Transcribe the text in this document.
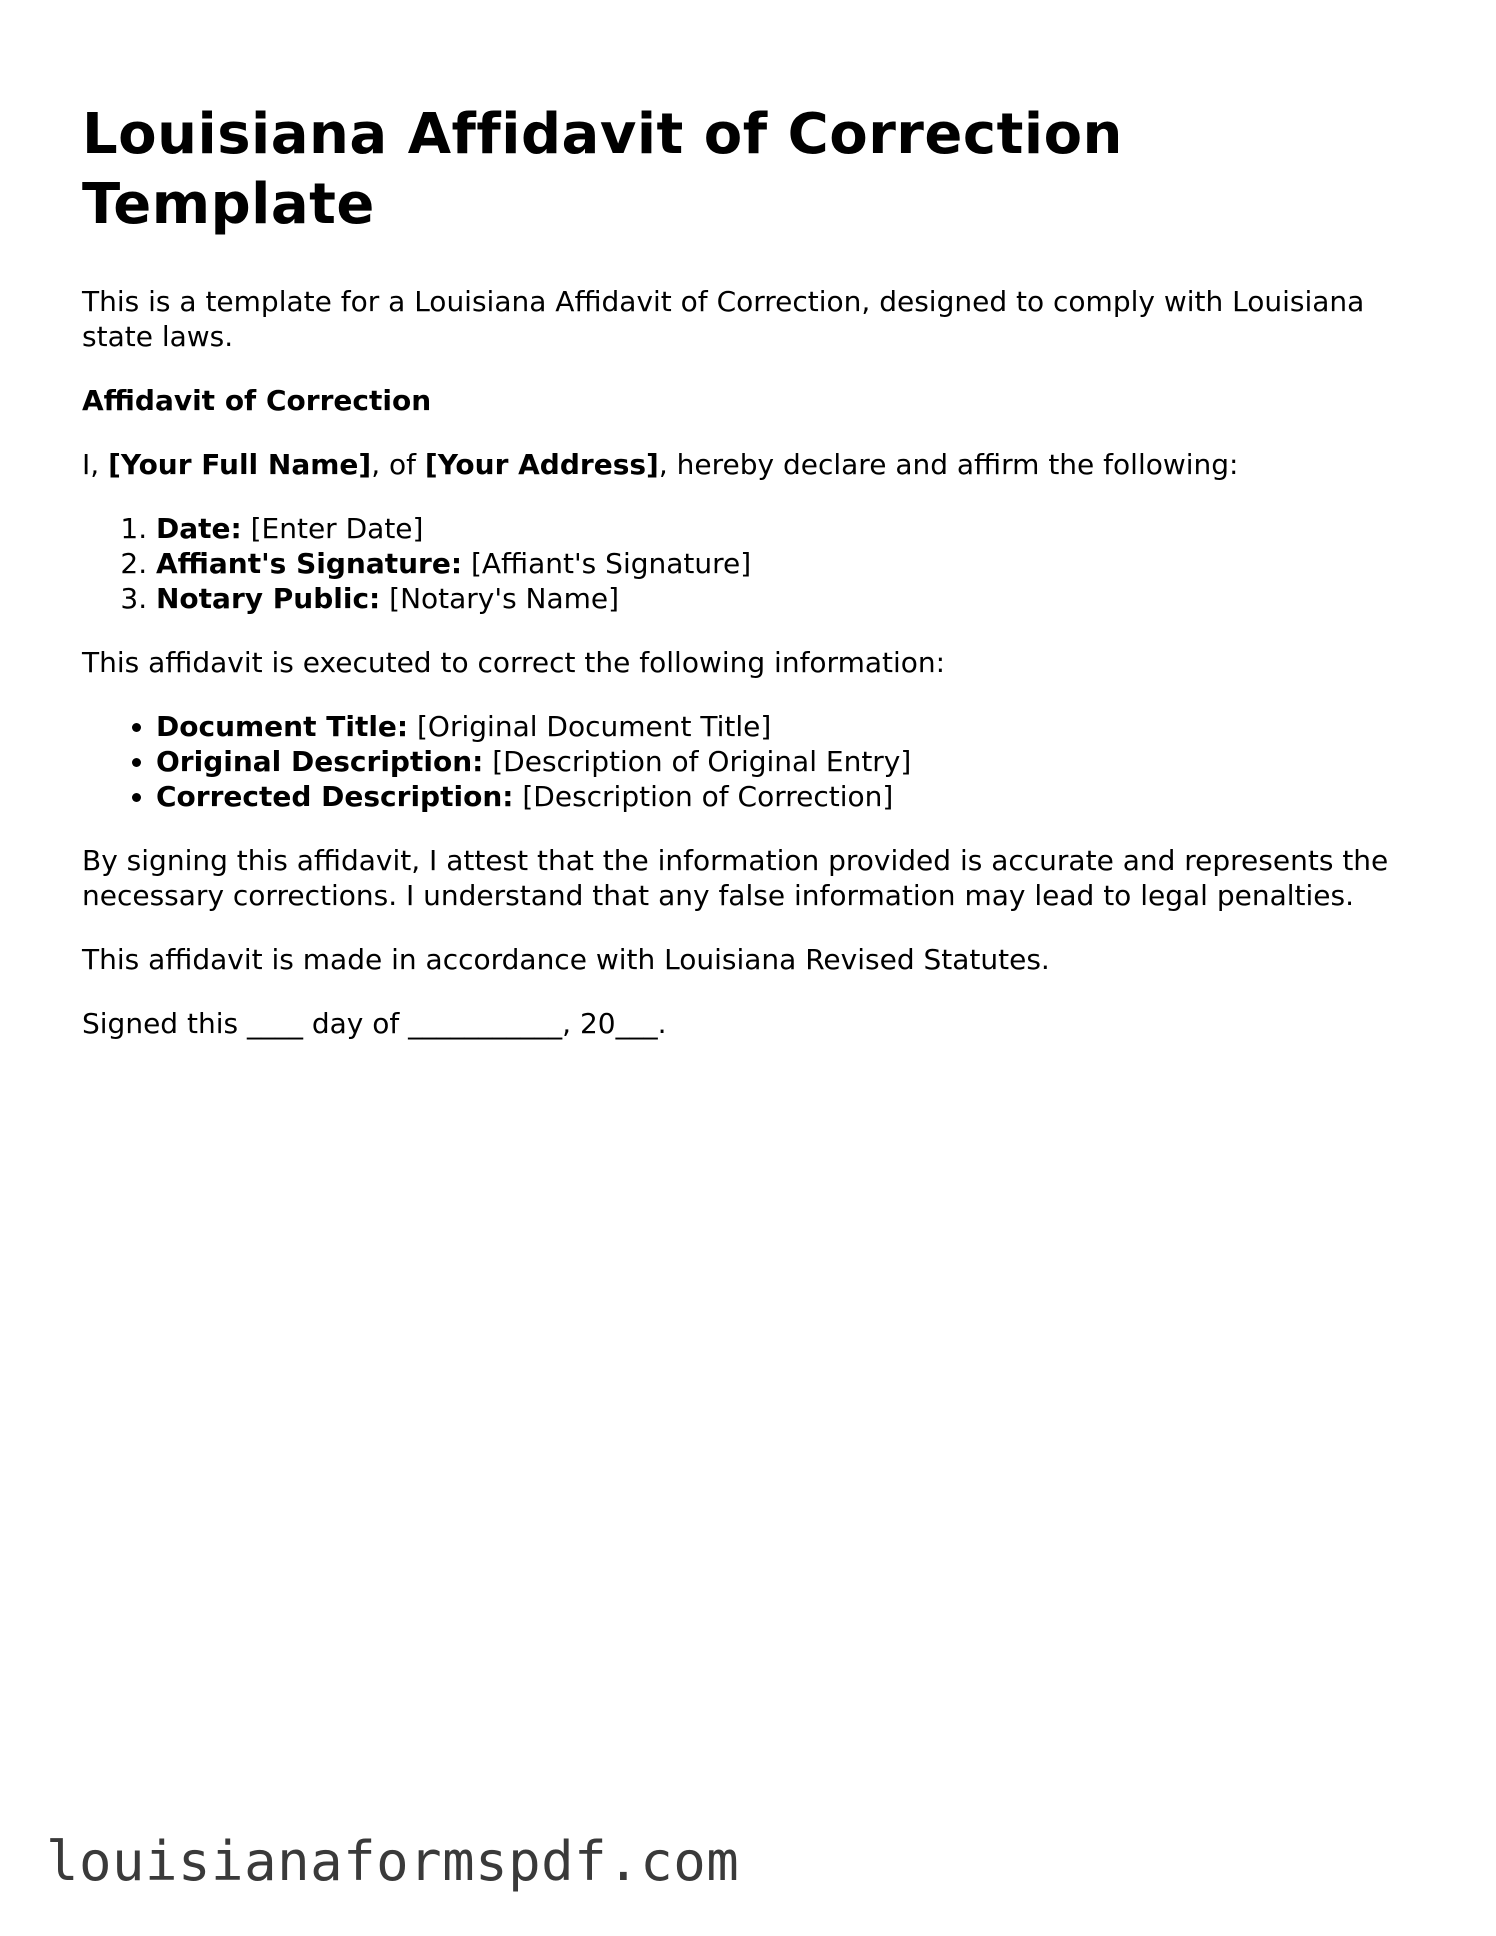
Louisiana Affidavit of Correction Template

This is a template for a Louisiana Affidavit of Correction, designed to comply with Louisiana state laws.

Affidavit of Correction

I, [Your Full Name], of [Your Address], hereby declare and affirm the following:

1. Date: [Enter Date]
2. Affiant's Signature: [Affiant's Signature]
3. Notary Public: [Notary's Name]

This affidavit is executed to correct the following information:

• Document Title: [Original Document Title]
• Original Description: [Description of Original Entry]
• Corrected Description: [Description of Correction]

By signing this affidavit, I attest that the information provided is accurate and represents the necessary corrections. I understand that any false information may lead to legal penalties.

This affidavit is made in accordance with Louisiana Revised Statutes.

Signed this ____ day of ___________, 20___.

louisianaformspdf.com
